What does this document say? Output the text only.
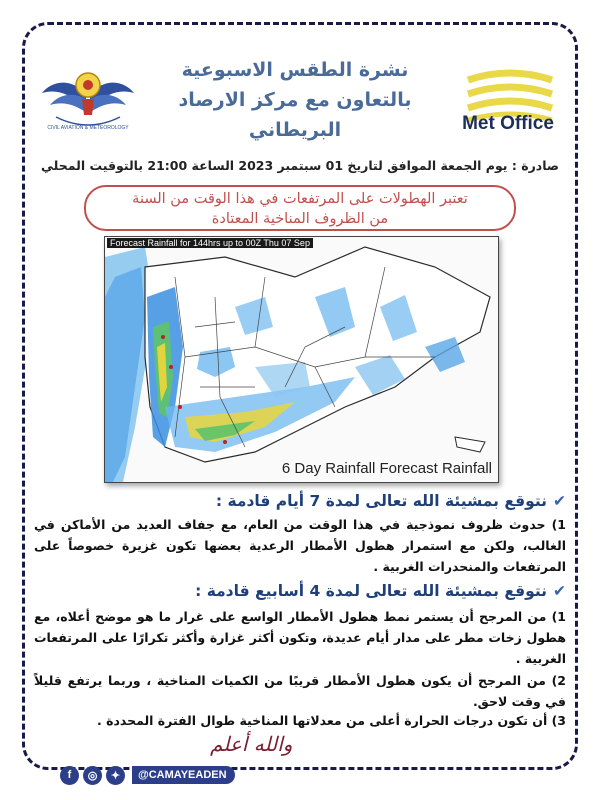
CIVIL AVIATION & METEOROLOGY
نشرة الطقس الاسبوعية
بالتعاون مع مركز الارصاد البريطاني	Met Office
صادرة : يوم الجمعة الموافق لتاريخ 01 سبتمبر 2023 الساعة 21:00 بالتوقيت المحلي
تعتبر الهطولات على المرتفعات في هذا الوقت من السنة
من الظروف المناخية المعتادة
Forecast Rainfall for 144hrs up to 00Z Thu 07 Sep
6 Day Rainfall Forecast Rainfall
✔نتوقع بمشيئة الله تعالى لمدة 7 أيام قادمة :
1) حدوث ظروف نموذجية في هذا الوقت من العام، مع جفاف العديد من الأماكن في الغالب، ولكن مع استمرار هطول الأمطار الرعدية بعضها تكون غزيرة خصوصاً على المرتفعات والمنحدرات الغربية .
✔نتوقع بمشيئة الله تعالى لمدة 4 أسابيع قادمة :
1) من المرجح أن يستمر نمط هطول الأمطار الواسع على غرار ما هو موضح أعلاه، مع هطول زخات مطر على مدار أيام عديدة، وتكون أكثر غزارة وأكثر تكرارًا على المرتفعات الغربية .
2) من المرجح أن يكون هطول الأمطار قريبًا من الكميات المناخية ، وربما يرتفع قليلاً في وقت لاحق.
3) أن تكون درجات الحرارة أعلى من معدلاتها المناخية طوال الفترة المحددة .
والله أعلم
f	◎	✦	@CAMAYEADEN
